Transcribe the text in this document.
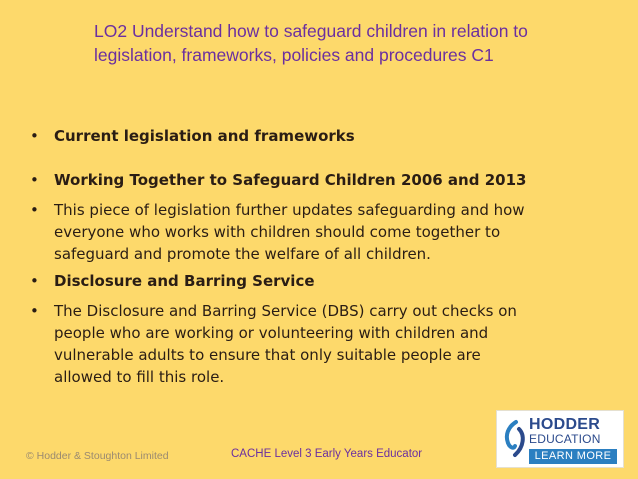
LO2 Understand how to safeguard children in relation to
legislation, frameworks, policies and procedures C1
•	Current legislation and frameworks
•	Working Together to Safeguard Children 2006 and 2013
•	This piece of legislation further updates safeguarding and how
everyone who works with children should come together to
safeguard and promote the welfare of all children.
•	Disclosure and Barring Service
•	The Disclosure and Barring Service (DBS) carry out checks on
people who are working or volunteering with children and
vulnerable adults to ensure that only suitable people are
allowed to fill this role.
© Hodder & Stoughton Limited	CACHE Level 3 Early Years Educator
HODDER
EDUCATION
LEARN MORE
